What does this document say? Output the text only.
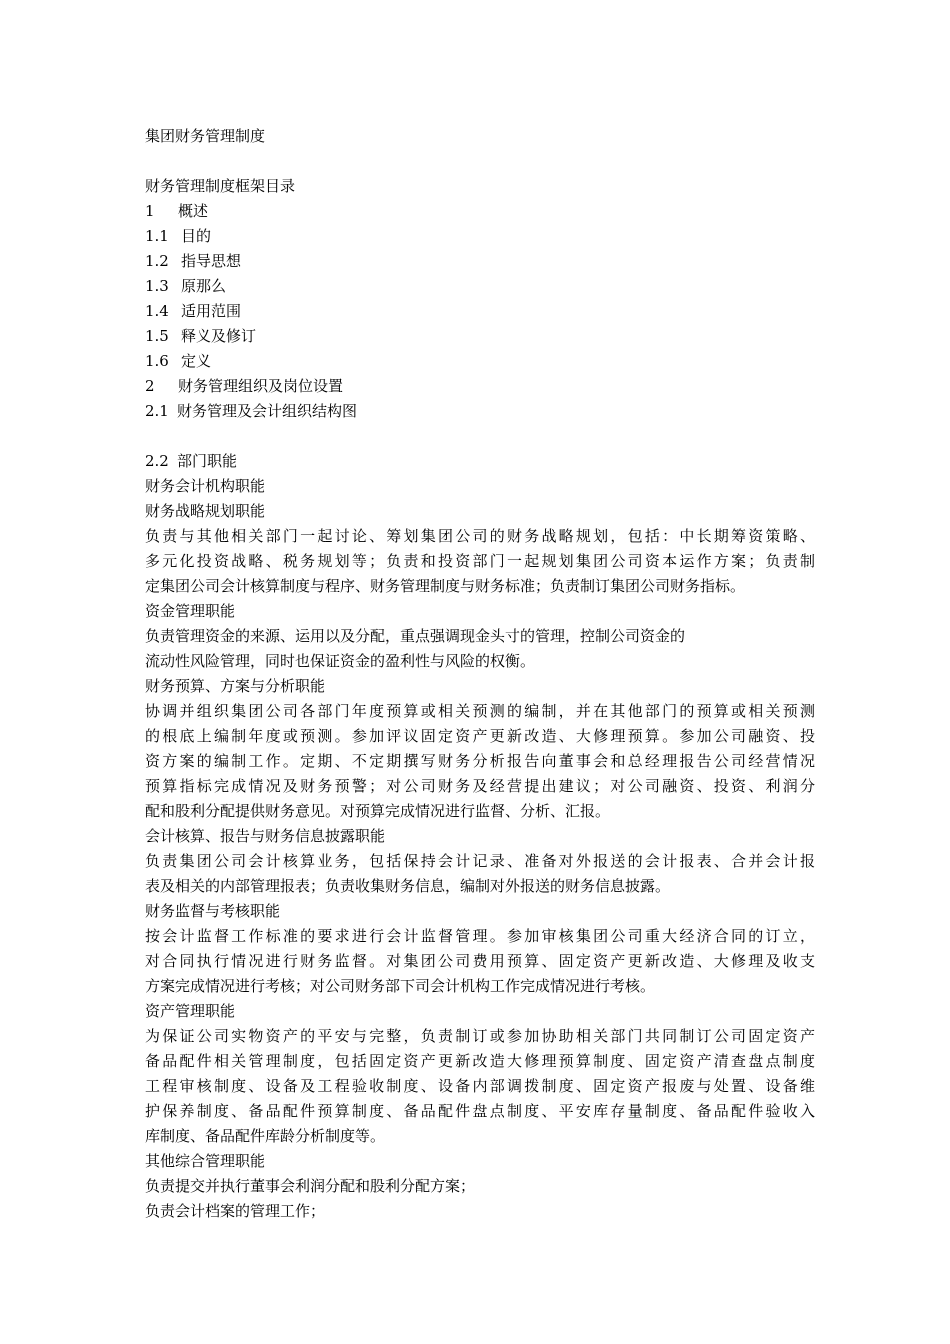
集团财务管理制度
财务管理制度框架目录
1 概述
1.1 目的
1.2 指导思想
1.3 原那么
1.4 适用范围
1.5 释义及修订
1.6 定义
2 财务管理组织及岗位设置
2.1 财务管理及会计组织结构图
2.2 部门职能
财务会计机构职能
财务战略规划职能
负责与其他相关部门一起讨论、筹划集团公司的财务战略规划，包括：中长期筹资策略、
多元化投资战略、税务规划等；负责和投资部门一起规划集团公司资本运作方案；负责制
定集团公司会计核算制度与程序、财务管理制度与财务标准；负责制订集团公司财务指标。
资金管理职能
负责管理资金的来源、运用以及分配，重点强调现金头寸的管理，控制公司资金的
流动性风险管理，同时也保证资金的盈利性与风险的权衡。
财务预算、方案与分析职能
协调并组织集团公司各部门年度预算或相关预测的编制，并在其他部门的预算或相关预测
的根底上编制年度或预测。参加评议固定资产更新改造、大修理预算。参加公司融资、投
资方案的编制工作。定期、不定期撰写财务分析报告向董事会和总经理报告公司经营情况
预算指标完成情况及财务预警；对公司财务及经营提出建议；对公司融资、投资、利润分
配和股利分配提供财务意见。对预算完成情况进行监督、分析、汇报。
会计核算、报告与财务信息披露职能
负责集团公司会计核算业务，包括保持会计记录、准备对外报送的会计报表、合并会计报
表及相关的内部管理报表；负责收集财务信息，编制对外报送的财务信息披露。
财务监督与考核职能
按会计监督工作标准的要求进行会计监督管理。参加审核集团公司重大经济合同的订立，
对合同执行情况进行财务监督。对集团公司费用预算、固定资产更新改造、大修理及收支
方案完成情况进行考核；对公司财务部下司会计机构工作完成情况进行考核。
资产管理职能
为保证公司实物资产的平安与完整，负责制订或参加协助相关部门共同制订公司固定资产
备品配件相关管理制度，包括固定资产更新改造大修理预算制度、固定资产清查盘点制度
工程审核制度、设备及工程验收制度、设备内部调拨制度、固定资产报废与处置、设备维
护保养制度、备品配件预算制度、备品配件盘点制度、平安库存量制度、备品配件验收入
库制度、备品配件库龄分析制度等。
其他综合管理职能
负责提交并执行董事会利润分配和股利分配方案；
负责会计档案的管理工作；
